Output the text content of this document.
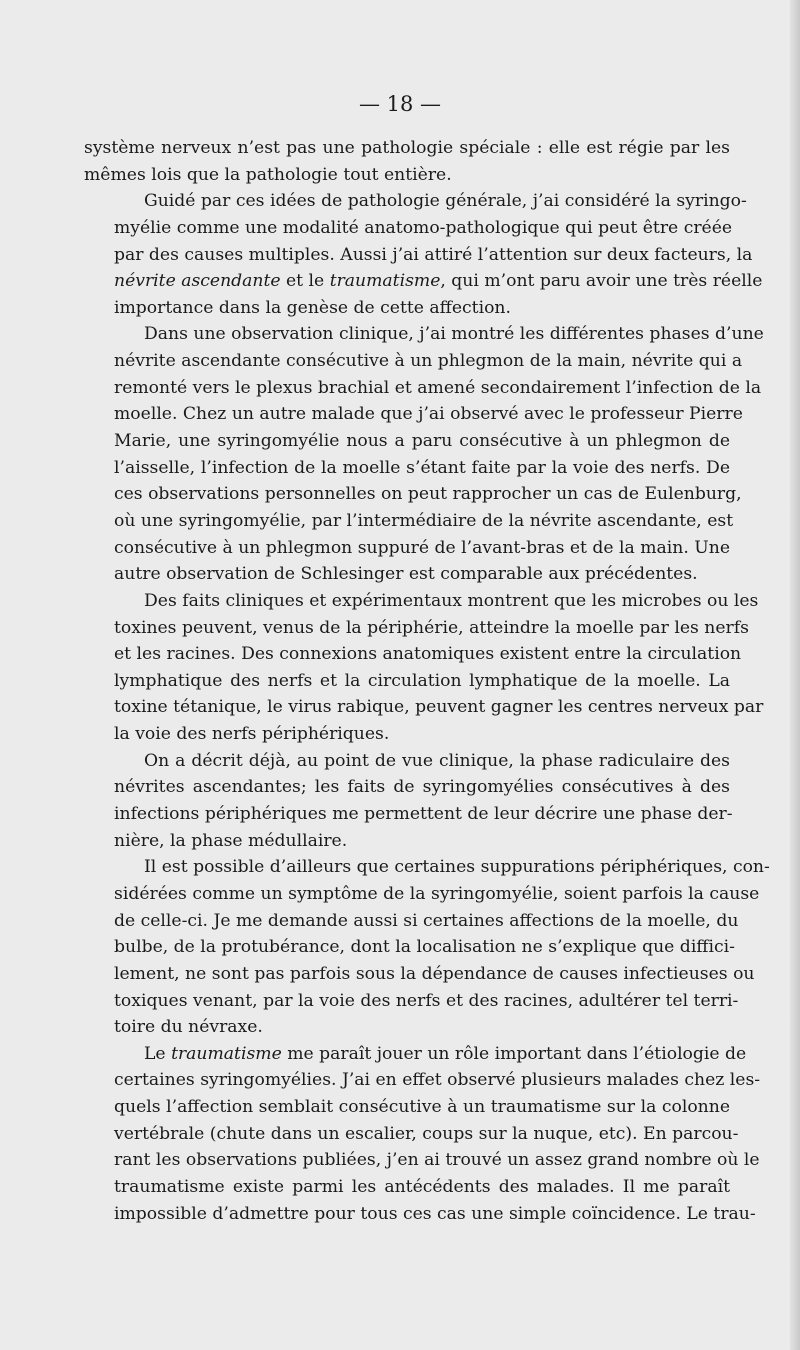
— 18 —

système nerveux n’est pas une pathologie spéciale : elle est régie par les
mêmes lois que la pathologie tout entière.

Guidé par ces idées de pathologie générale, j’ai considéré la syringo-
myélie comme une modalité anatomo-pathologique qui peut être créée
par des causes multiples. Aussi j’ai attiré l’attention sur deux facteurs, la
névrite ascendante et le traumatisme, qui m’ont paru avoir une très réelle
importance dans la genèse de cette affection.

Dans une observation clinique, j’ai montré les différentes phases d’une
névrite ascendante consécutive à un phlegmon de la main, névrite qui a
remonté vers le plexus brachial et amené secondairement l’infection de la
moelle. Chez un autre malade que j’ai observé avec le professeur Pierre
Marie, une syringomyélie nous a paru consécutive à un phlegmon de
l’aisselle, l’infection de la moelle s’étant faite par la voie des nerfs. De
ces observations personnelles on peut rapprocher un cas de Eulenburg,
où une syringomyélie, par l’intermédiaire de la névrite ascendante, est
consécutive à un phlegmon suppuré de l’avant-bras et de la main. Une
autre observation de Schlesinger est comparable aux précédentes.

Des faits cliniques et expérimentaux montrent que les microbes ou les
toxines peuvent, venus de la périphérie, atteindre la moelle par les nerfs
et les racines. Des connexions anatomiques existent entre la circulation
lymphatique des nerfs et la circulation lymphatique de la moelle. La
toxine tétanique, le virus rabique, peuvent gagner les centres nerveux par
la voie des nerfs périphériques.

On a décrit déjà, au point de vue clinique, la phase radiculaire des
névrites ascendantes; les faits de syringomyélies consécutives à des
infections périphériques me permettent de leur décrire une phase der-
nière, la phase médullaire.

Il est possible d’ailleurs que certaines suppurations périphériques, con-
sidérées comme un symptôme de la syringomyélie, soient parfois la cause
de celle-ci. Je me demande aussi si certaines affections de la moelle, du
bulbe, de la protubérance, dont la localisation ne s’explique que diffici-
lement, ne sont pas parfois sous la dépendance de causes infectieuses ou
toxiques venant, par la voie des nerfs et des racines, adultérer tel terri-
toire du névraxe.

Le traumatisme me paraît jouer un rôle important dans l’étiologie de
certaines syringomyélies. J’ai en effet observé plusieurs malades chez les-
quels l’affection semblait consécutive à un traumatisme sur la colonne
vertébrale (chute dans un escalier, coups sur la nuque, etc). En parcou-
rant les observations publiées, j’en ai trouvé un assez grand nombre où le
traumatisme existe parmi les antécédents des malades. Il me paraît
impossible d’admettre pour tous ces cas une simple coïncidence. Le trau-
